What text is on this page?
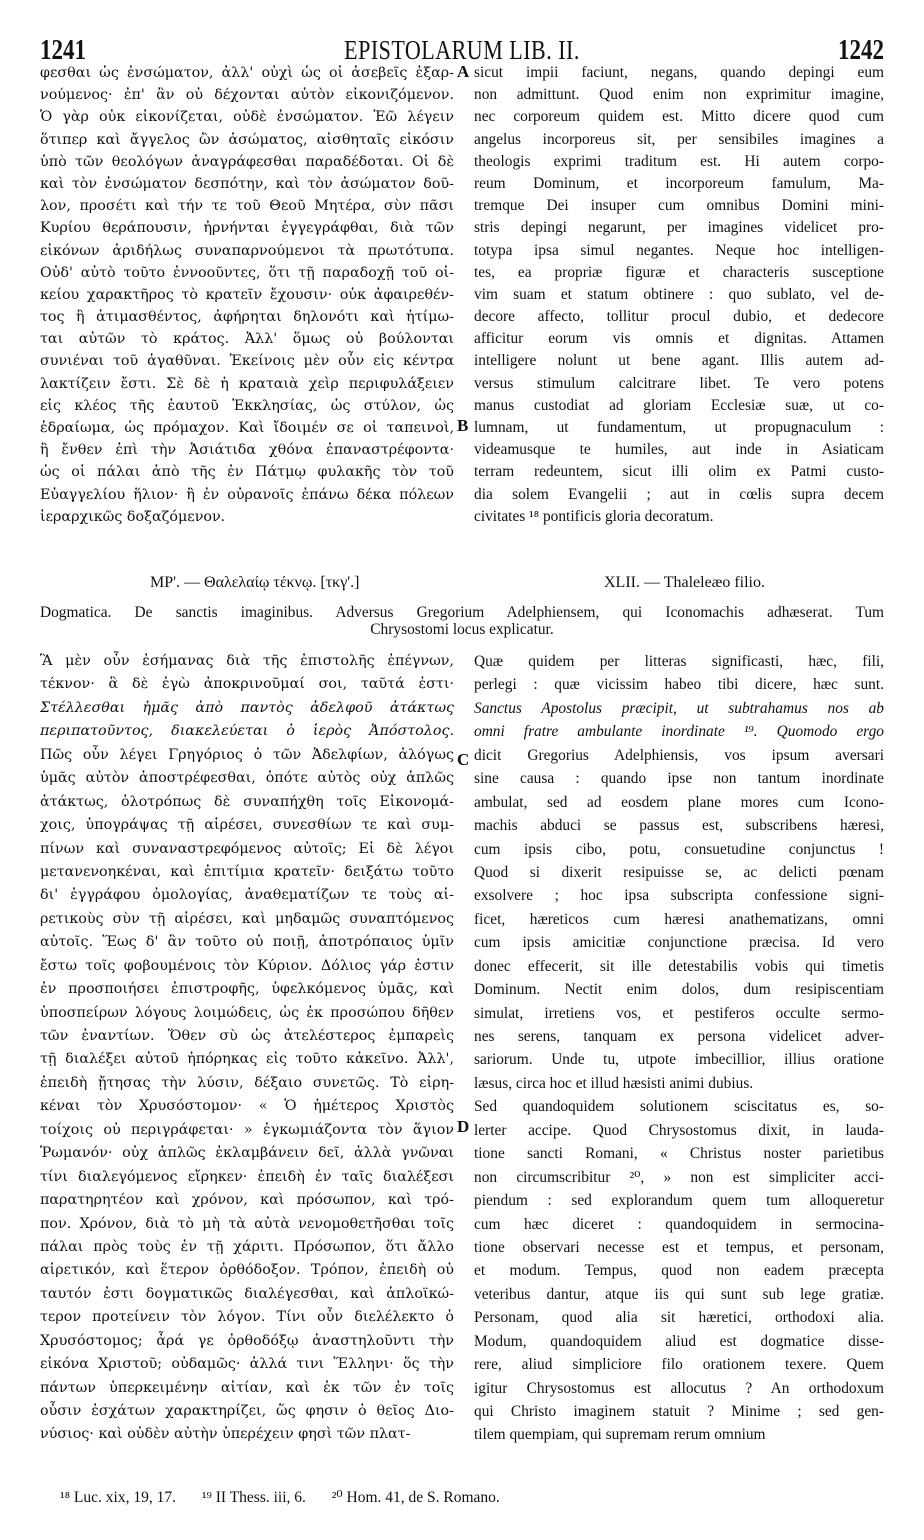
1241	EPISTOLARUM LIB. II.	1242
φεσθαι ὡς ἐνσώματον, ἀλλ' οὐχὶ ὡς οἱ ἀσεβεῖς ἐξαρ-
νούμενος· ἐπ' ἂν οὐ δέχονται αὐτὸν εἰκονιζόμενον.
Ὁ γὰρ οὐκ εἰκονίζεται, οὐδὲ ἐνσώματον. Ἐῶ λέγειν
ὅτιπερ καὶ ἄγγελος ὢν ἀσώματος, αἰσθηταῖς εἰκόσιν
ὑπὸ τῶν θεολόγων ἀναγράφεσθαι παραδέδοται. Οἱ δὲ
καὶ τὸν ἐνσώματον δεσπότην, καὶ τὸν ἀσώματον δοῦ-
λον, προσέτι καὶ τήν τε τοῦ Θεοῦ Μητέρα, σὺν πᾶσι
Κυρίου θεράπουσιν, ἠρνήνται ἐγγεγράφθαι, διὰ τῶν
εἰκόνων ἀριδήλως συναπαρνούμενοι τὰ πρωτότυπα.
Οὐδ' αὐτὸ τοῦτο ἐννοοῦντες, ὅτι τῇ παραδοχῇ τοῦ οἰ-
κείου χαρακτῆρος τὸ κρατεῖν ἔχουσιν· οὐκ ἀφαιρεθέν-
τος ἢ ἀτιμασθέντος, ἀφήρηται δηλονότι καὶ ἠτίμω-
ται αὐτῶν τὸ κράτος. Ἀλλ' ὅμως οὐ βούλονται
συνιέναι τοῦ ἀγαθῦναι. Ἐκείνοις μὲν οὖν εἰς κέντρα
λακτίζειν ἔστι. Σὲ δὲ ἡ κραταιὰ χεὶρ περιφυλάξειεν
εἰς κλέος τῆς ἑαυτοῦ Ἐκκλησίας, ὡς στύλον, ὡς
ἑδραίωμα, ὡς πρόμαχον. Καὶ ἴδοιμέν σε οἱ ταπεινοὶ,
ἢ ἔνθεν ἐπὶ τὴν Ἀσιάτιδα χθόνα ἐπαναστρέφοντα·
ὡς οἱ πάλαι ἀπὸ τῆς ἐν Πάτμῳ φυλακῆς τὸν τοῦ
Εὐαγγελίου ἥλιον· ἢ ἐν οὐρανοῖς ἐπάνω δέκα πόλεων
ἱεραρχικῶς δοξαζόμενον.
sicut impii faciunt, negans, quando depingi eum
non admittunt. Quod enim non exprimitur imagine,
nec corporeum quidem est. Mitto dicere quod cum
angelus incorporeus sit, per sensibiles imagines a
theologis exprimi traditum est. Hi autem corpo-
reum Dominum, et incorporeum famulum, Ma-
tremque Dei insuper cum omnibus Domini mini-
stris depingi negarunt, per imagines videlicet pro-
totypa ipsa simul negantes. Neque hoc intelligen-
tes, ea propriæ figuræ et characteris susceptione
vim suam et statum obtinere : quo sublato, vel de-
decore affecto, tollitur procul dubio, et dedecore
afficitur eorum vis omnis et dignitas. Attamen
intelligere nolunt ut bene agant. Illis autem ad-
versus stimulum calcitrare libet. Te vero potens
manus custodiat ad gloriam Ecclesiæ suæ, ut co-
lumnam, ut fundamentum, ut propugnaculum :
videamusque te humiles, aut inde in Asiaticam
terram redeuntem, sicut illi olim ex Patmi custo-
dia solem Evangelii ; aut in cœlis supra decem
civitates ¹⁸ pontificis gloria decoratum.
A
B
C
D
ΜΡ'. — Θαλελαίῳ τέκνῳ. [τκγ'.]	XLII. — Thaleleæo filio.
Dogmatica. De sanctis imaginibus. Adversus Gregorium Adelphiensem, qui Iconomachis adhæserat. Tum
Chrysostomi locus explicatur.
Ἃ μὲν οὖν ἐσήμανας διὰ τῆς ἐπιστολῆς ἐπέγνων,
τέκνον· ἃ δὲ ἐγὼ ἀποκρινοῦμαί σοι, ταῦτά ἐστι·
Στέλλεσθαι ἡμᾶς ἀπὸ παντὸς ἀδελφοῦ ἀτάκτως
περιπατοῦντος, διακελεύεται ὁ ἱερὸς Ἀπόστολος.
Πῶς οὖν λέγει Γρηγόριος ὁ τῶν Ἀδελφίων, ἀλόγως
ὑμᾶς αὐτὸν ἀποστρέφεσθαι, ὁπότε αὐτὸς οὐχ ἁπλῶς
ἀτάκτως, ὁλοτρόπως δὲ συναπήχθη τοῖς Εἰκονομά-
χοις, ὑπογράψας τῇ αἱρέσει, συνεσθίων τε καὶ συμ-
πίνων καὶ συναναστρεφόμενος αὐτοῖς; Εἰ δὲ λέγοι
μετανενοηκέναι, καὶ ἐπιτίμια κρατεῖν· δειξάτω τοῦτο
δι' ἐγγράφου ὁμολογίας, ἀναθεματίζων τε τοὺς αἱ-
ρετικοὺς σὺν τῇ αἱρέσει, καὶ μηδαμῶς συναπτόμενος
αὐτοῖς. Ἕως δ' ἂν τοῦτο οὐ ποιῇ, ἀποτρόπαιος ὑμῖν
ἔστω τοῖς φοβουμένοις τὸν Κύριον. Δόλιος γάρ ἐστιν
ἐν προσποιήσει ἐπιστροφῆς, ὑφελκόμενος ὑμᾶς, καὶ
ὑποσπείρων λόγους λοιμώδεις, ὡς ἐκ προσώπου δῆθεν
τῶν ἐναντίων. Ὅθεν σὺ ὡς ἀτελέστερος ἐμπαρεὶς
τῇ διαλέξει αὐτοῦ ἠπόρηκας εἰς τοῦτο κἀκεῖνο. Ἀλλ',
ἐπειδὴ ᾔτησας τὴν λύσιν, δέξαιο συνετῶς. Τὸ εἰρη-
κέναι τὸν Χρυσόστομον· « Ὁ ἡμέτερος Χριστὸς
τοίχοις οὐ περιγράφεται· » ἐγκωμιάζοντα τὸν ἅγιον
Ῥωμανόν· οὐχ ἁπλῶς ἐκλαμβάνειν δεῖ, ἀλλὰ γνῶναι
τίνι διαλεγόμενος εἴρηκεν· ἐπειδὴ ἐν ταῖς διαλέξεσι
παρατηρητέον καὶ χρόνον, καὶ πρόσωπον, καὶ τρό-
πον. Χρόνον, διὰ τὸ μὴ τὰ αὐτὰ νενομοθετῆσθαι τοῖς
πάλαι πρὸς τοὺς ἐν τῇ χάριτι. Πρόσωπον, ὅτι ἄλλο
αἱρετικόν, καὶ ἕτερον ὀρθόδοξον. Τρόπον, ἐπειδὴ οὐ
ταυτόν ἐστι δογματικῶς διαλέγεσθαι, καὶ ἁπλοϊκώ-
τερον προτείνειν τὸν λόγον. Τίνι οὖν διελέλεκτο ὁ
Χρυσόστομος; ἆρά γε ὀρθοδόξῳ ἀναστηλοῦντι τὴν
εἰκόνα Χριστοῦ; οὐδαμῶς· ἀλλά τινι Ἕλληνι· ὅς τὴν
πάντων ὑπερκειμένην αἰτίαν, καὶ ἐκ τῶν ἐν τοῖς
οὖσιν ἐσχάτων χαρακτηρίζει, ὥς φησιν ὁ θεῖος Διο-
νύσιος· καὶ οὐδὲν αὐτὴν ὑπερέχειν φησὶ τῶν πλατ-
Quæ quidem per litteras significasti, hæc, fili,
perlegi : quæ vicissim habeo tibi dicere, hæc sunt.
Sanctus Apostolus præcipit, ut subtrahamus nos ab
omni fratre ambulante inordinate ¹⁹. Quomodo ergo
dicit Gregorius Adelphiensis, vos ipsum aversari
sine causa : quando ipse non tantum inordinate
ambulat, sed ad eosdem plane mores cum Icono-
machis abduci se passus est, subscribens hæresi,
cum ipsis cibo, potu, consuetudine conjunctus !
Quod si dixerit resipuisse se, ac delicti pœnam
exsolvere ; hoc ipsa subscripta confessione signi-
ficet, hæreticos cum hæresi anathematizans, omni
cum ipsis amicitiæ conjunctione præcisa. Id vero
donec effecerit, sit ille detestabilis vobis qui timetis
Dominum. Nectit enim dolos, dum resipiscentiam
simulat, irretiens vos, et pestiferos occulte sermo-
nes serens, tanquam ex persona videlicet adver-
sariorum. Unde tu, utpote imbecillior, illius oratione
læsus, circa hoc et illud hæsisti animi dubius.
Sed quandoquidem solutionem sciscitatus es, so-
lerter accipe. Quod Chrysostomus dixit, in lauda-
tione sancti Romani, « Christus noster parietibus
non circumscribitur ²⁰, » non est simpliciter acci-
piendum : sed explorandum quem tum alloqueretur
cum hæc diceret : quandoquidem in sermocina-
tione observari necesse est et tempus, et personam,
et modum. Tempus, quod non eadem præcepta
veteribus dantur, atque iis qui sunt sub lege gratiæ.
Personam, quod alia sit hæretici, orthodoxi alia.
Modum, quandoquidem aliud est dogmatice disse-
rere, aliud simpliciore filo orationem texere. Quem
igitur Chrysostomus est allocutus ? An orthodoxum
qui Christo imaginem statuit ? Minime ; sed gen-
tilem quempiam, qui supremam rerum omnium
¹⁸ Luc. xix, 19, 17. ¹⁹ II Thess. iii, 6. ²⁰ Hom. 41, de S. Romano.
